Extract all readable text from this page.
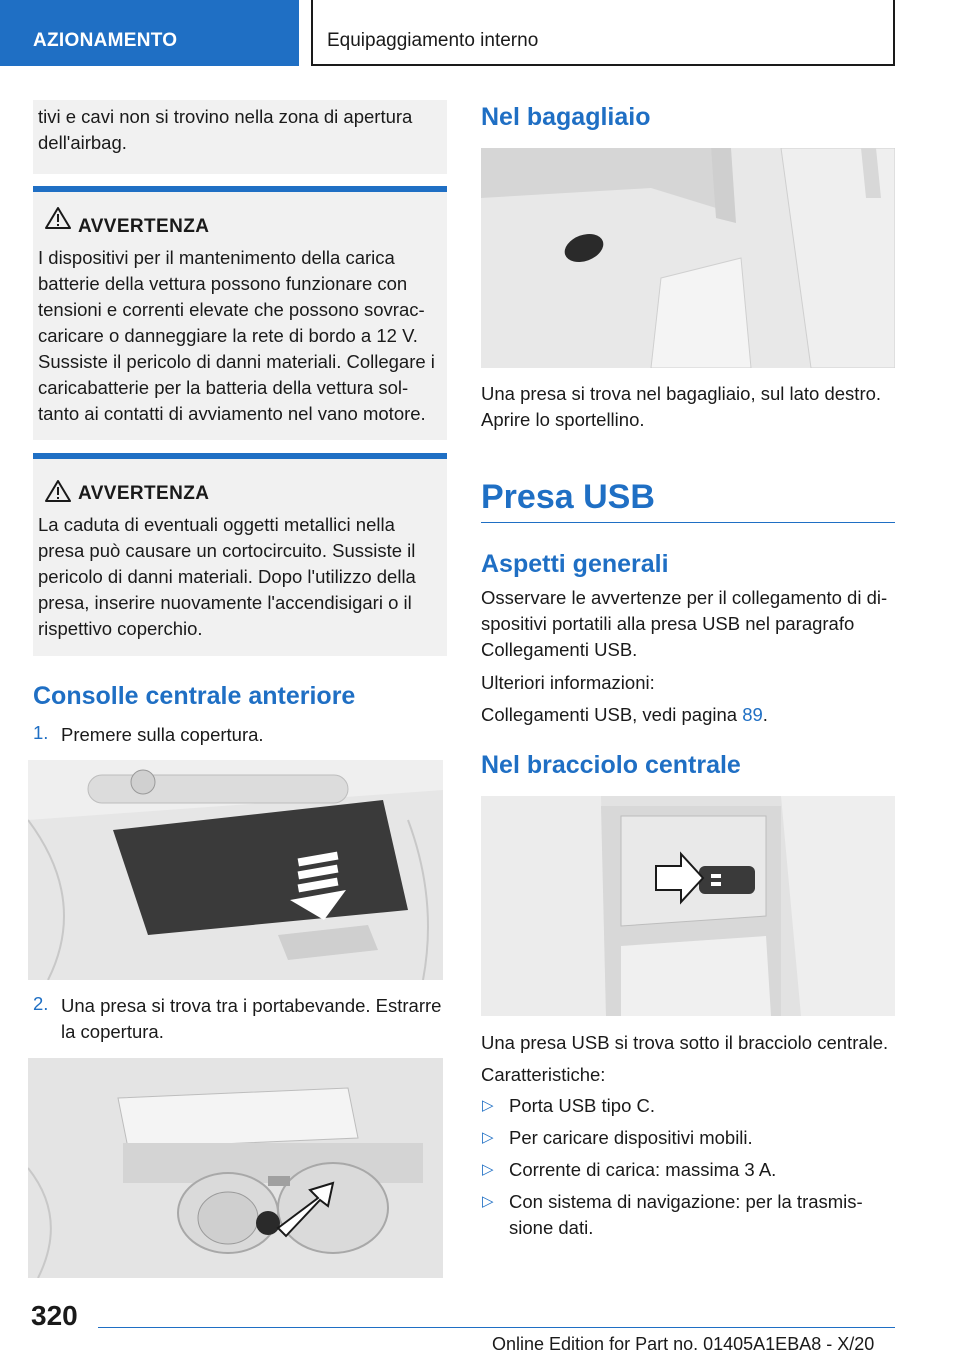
AZIONAMENTO	Equipaggiamento interno

tivi e cavi non si trovino nella zona di apertura dell'airbag.

AVVERTENZA

I dispositivi per il mantenimento della carica batterie della vettura possono funzionare con tensioni e correnti elevate che possono sovrac-caricare o danneggiare la rete di bordo a 12 V. Sussiste il pericolo di danni materiali. Collegare i caricabatterie per la batteria della vettura sol-tanto ai contatti di avviamento nel vano motore.

AVVERTENZA

La caduta di eventuali oggetti metallici nella presa può causare un cortocircuito. Sussiste il pericolo di danni materiali. Dopo l'utilizzo della presa, inserire nuovamente l'accendisigari o il rispettivo coperchio.

Consolle centrale anteriore
1. Premere sulla copertura.

2. Una presa si trova tra i portabevande. Estrarre la copertura.

Nel bagagliaio

Una presa si trova nel bagagliaio, sul lato destro. Aprire lo sportellino.

Presa USB
Aspetti generali

Osservare le avvertenze per il collegamento di di-spositivi portatili alla presa USB nel paragrafo Collegamenti USB.

Ulteriori informazioni:

Collegamenti USB, vedi pagina 89.

Nel bracciolo centrale

Una presa USB si trova sotto il bracciolo centrale.

Caratteristiche:

▷ Porta USB tipo C.

▷ Per caricare dispositivi mobili.

▷ Corrente di carica: massima 3 A.

▷ Con sistema di navigazione: per la trasmis-sione dati.

320
Online Edition for Part no. 01405A1EBA8 - X/20
